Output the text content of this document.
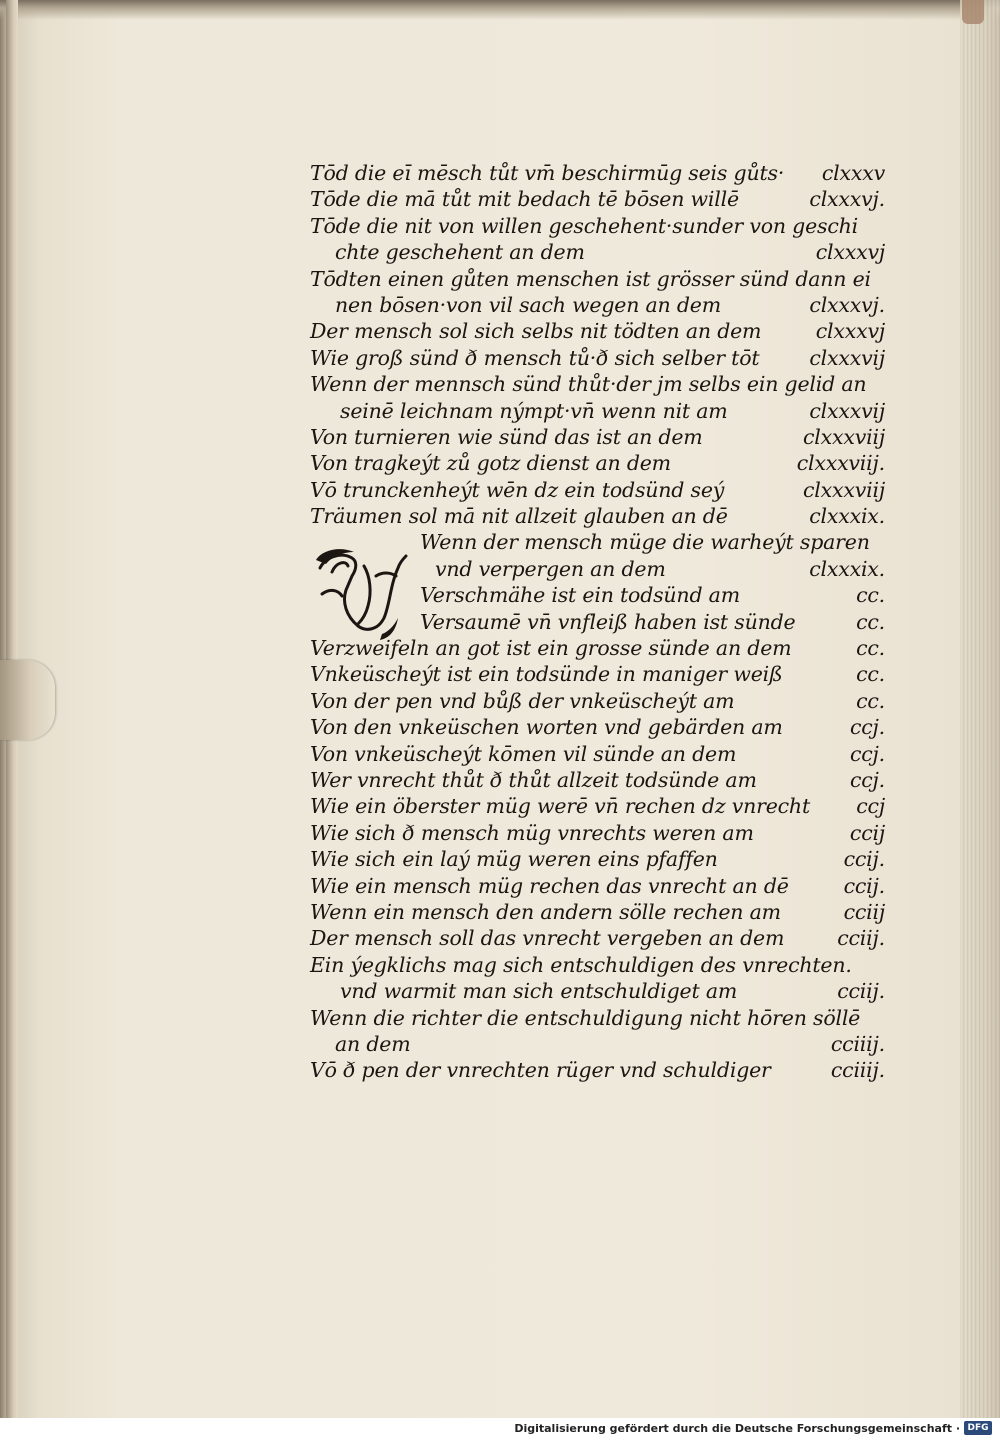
Tōd die eī mēsch tůt vm̄ beschirmūg seis gůts· clxxxv
Tōde die mā tůt mit bedach tē bōsen willē	clxxxvj.
Tōde die nit von willen geschehent·sunder von geschi
chte geschehent an dem	clxxxvj
Tōdten einen gůten menschen ist grösser sünd dann ei
nen bōsen·von vil sach wegen an dem	clxxxvj.
Der mensch sol sich selbs nit tödten an dem	clxxxvj
Wie groß sünd ð mensch tů·ð sich selber tōt clxxxvij
Wenn der mennsch sünd thůt·der jm selbs ein gelid an
seinē leichnam nýmpt·vn̄ wenn nit am	clxxxvij
Von turnieren wie sünd das ist an dem	clxxxviij
Von tragkeýt zů gotz dienst an dem	clxxxviij.
Vō trunckenheýt wēn dz ein todsünd seý	clxxxviij
Träumen sol mā nit allzeit glauben an dē	clxxxix.
Wenn der mensch müge die warheýt sparen
vnd verpergen an dem	clxxxix.
Verschmähe ist ein todsünd am	cc.
Versaumē vn̄ vnfleiß haben ist sünde	cc.
Verzweifeln an got ist ein grosse sünde an dem	cc.
Vnkeüscheýt ist ein todsünde in maniger weiß	cc.
Von der pen vnd bůß der vnkeüscheýt am	cc.
Von den vnkeüschen worten vnd gebärden am	ccj.
Von vnkeüscheýt kōmen vil sünde an dem	ccj.
Wer vnrecht thůt ð thůt allzeit todsünde am	ccj.
Wie ein öberster müg werē vn̄ rechen dz vnrecht ccj
Wie sich ð mensch müg vnrechts weren am	ccij
Wie sich ein laý müg weren eins pfaffen	ccij.
Wie ein mensch müg rechen das vnrecht an dē	ccij.
Wenn ein mensch den andern sölle rechen am	cciij
Der mensch soll das vnrecht vergeben an dem	cciij.
Ein ýegklichs mag sich entschuldigen des vnrechten.
vnd warmit man sich entschuldiget am	cciij.
Wenn die richter die entschuldigung nicht hōren söllē
an dem	cciiij.
Vō ð pen der vnrechten rüger vnd schuldiger	cciiij.
Digitalisierung gefördert durch die Deutsche Forschungsgemeinschaft · DFG
